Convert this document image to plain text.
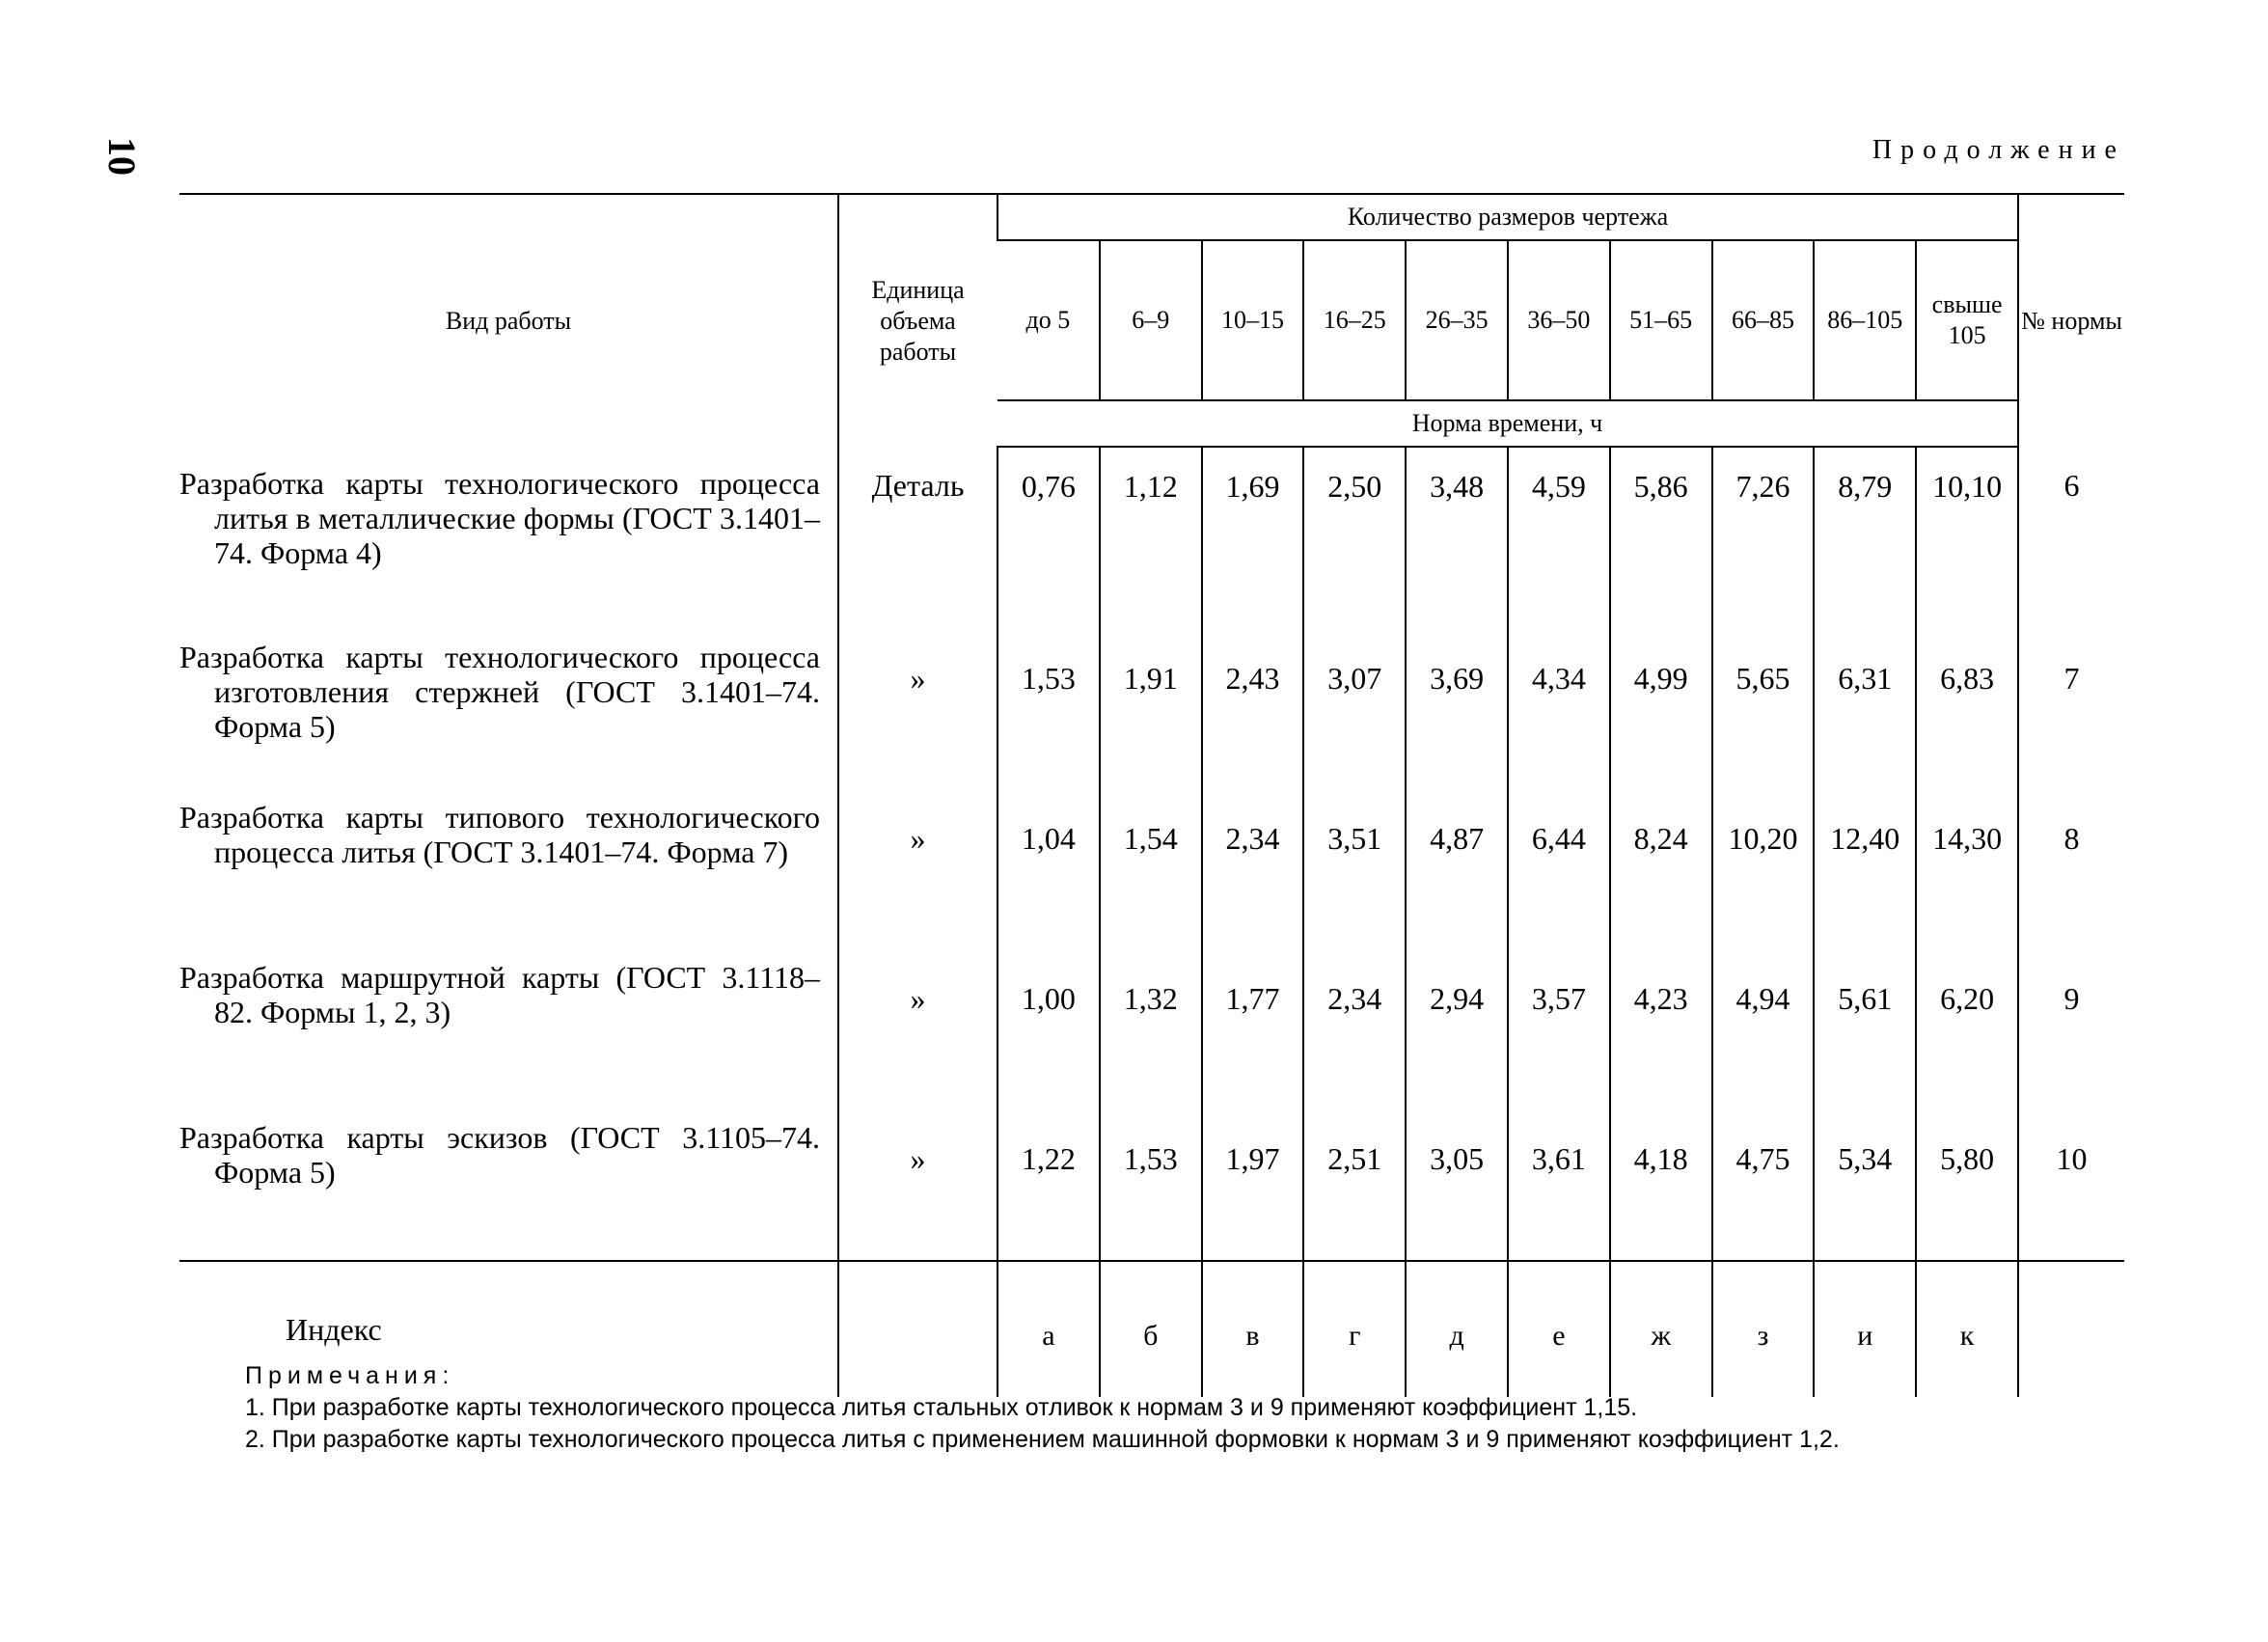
10	Продолжение
Вид работы	Единица объема работы	Количество размеров чертежа										№ нормы
		до 5	6–9	10–15	16–25	26–35	36–50	51–65	66–85	86–105	свыше 105	
		Норма времени, ч										

Разработка карты технологического процесса литья в металлические формы (ГОСТ 3.1401–74. Форма 4)	Деталь	0,76	1,12	1,69	2,50	3,48	4,59	5,86	7,26	8,79	10,10	6

Разработка карты технологического процесса изготовления стержней (ГОСТ 3.1401–74. Форма 5)	»	1,53	1,91	2,43	3,07	3,69	4,34	4,99	5,65	6,31	6,83	7

Разработка карты типового технологического процесса литья (ГОСТ 3.1401–74. Форма 7)	»	1,04	1,54	2,34	3,51	4,87	6,44	8,24	10,20	12,40	14,30	8

Разработка маршрутной карты (ГОСТ 3.1118–82. Формы 1, 2, 3)	»	1,00	1,32	1,77	2,34	2,94	3,57	4,23	4,94	5,61	6,20	9

Разработка карты эскизов (ГОСТ 3.1105–74. Форма 5)	»	1,22	1,53	1,97	2,51	3,05	3,61	4,18	4,75	5,34	5,80	10
Индекс		а	б	в	г	д	е	ж	з	и	к	
Примечания:
1. При разработке карты технологического процесса литья стальных отливок к нормам 3 и 9 применяют коэффициент 1,15.
2. При разработке карты технологического процесса литья с применением машинной формовки к нормам 3 и 9 применяют коэффициент 1,2.
